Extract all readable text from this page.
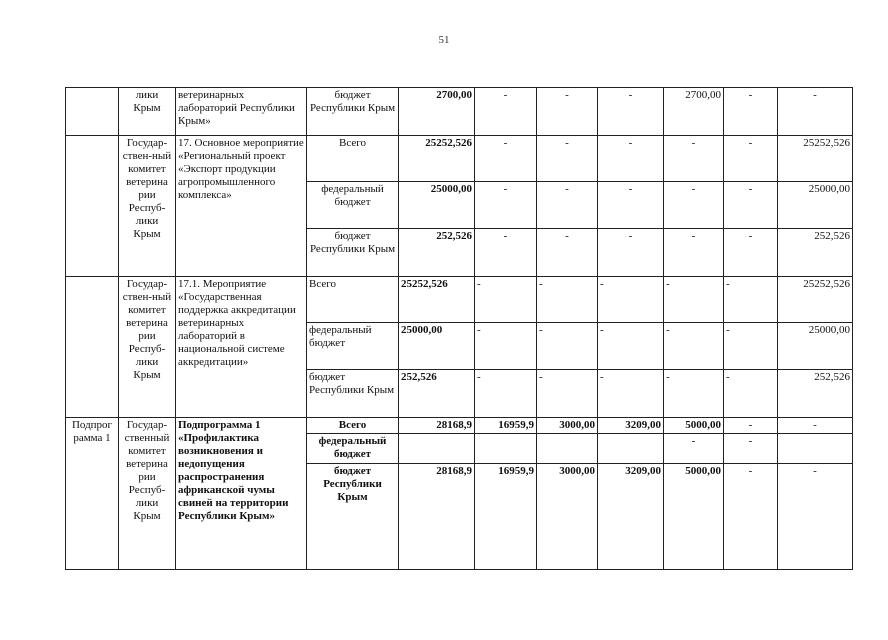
51
	лики Крым	ветеринарных лабораторий Республики Крым»	бюджет Республики Крым	2700,00	-	-	-	2700,00	-	-
	Государ-ствен-ный комитет ветерина рии Респуб-лики Крым	17. Основное мероприятие «Региональный проект «Экспорт продукции агропромышленного комплекса»	Всего	25252,526	-	-	-	-	-	25252,526
			федеральный бюджет	25000,00	-	-	-	-	-	25000,00
			бюджет Республики Крым	252,526	-	-	-	-	-	252,526
	Государ-ствен-ный комитет ветерина рии Респуб-лики Крым	17.1. Мероприятие «Государственная поддержка аккредитации ветеринарных лабораторий в национальной системе аккредитации»	Всего	25252,526	-	-	-	-	-	25252,526
			федеральный бюджет	25000,00	-	-	-	-	-	25000,00
			бюджет Республики Крым	252,526	-	-	-	-	-	252,526
Подпрог рамма 1	Государ-ственный комитет ветерина рии Респуб-лики Крым	Подпрограмма 1 «Профилактика возникновения и недопущения распространения африканской чумы свиней на территории Республики Крым»	Всего	28168,9	16959,9	3000,00	3209,00	5000,00	-	-
			федеральный бюджет					-	-	
			бюджет Республики Крым	28168,9	16959,9	3000,00	3209,00	5000,00	-	-
